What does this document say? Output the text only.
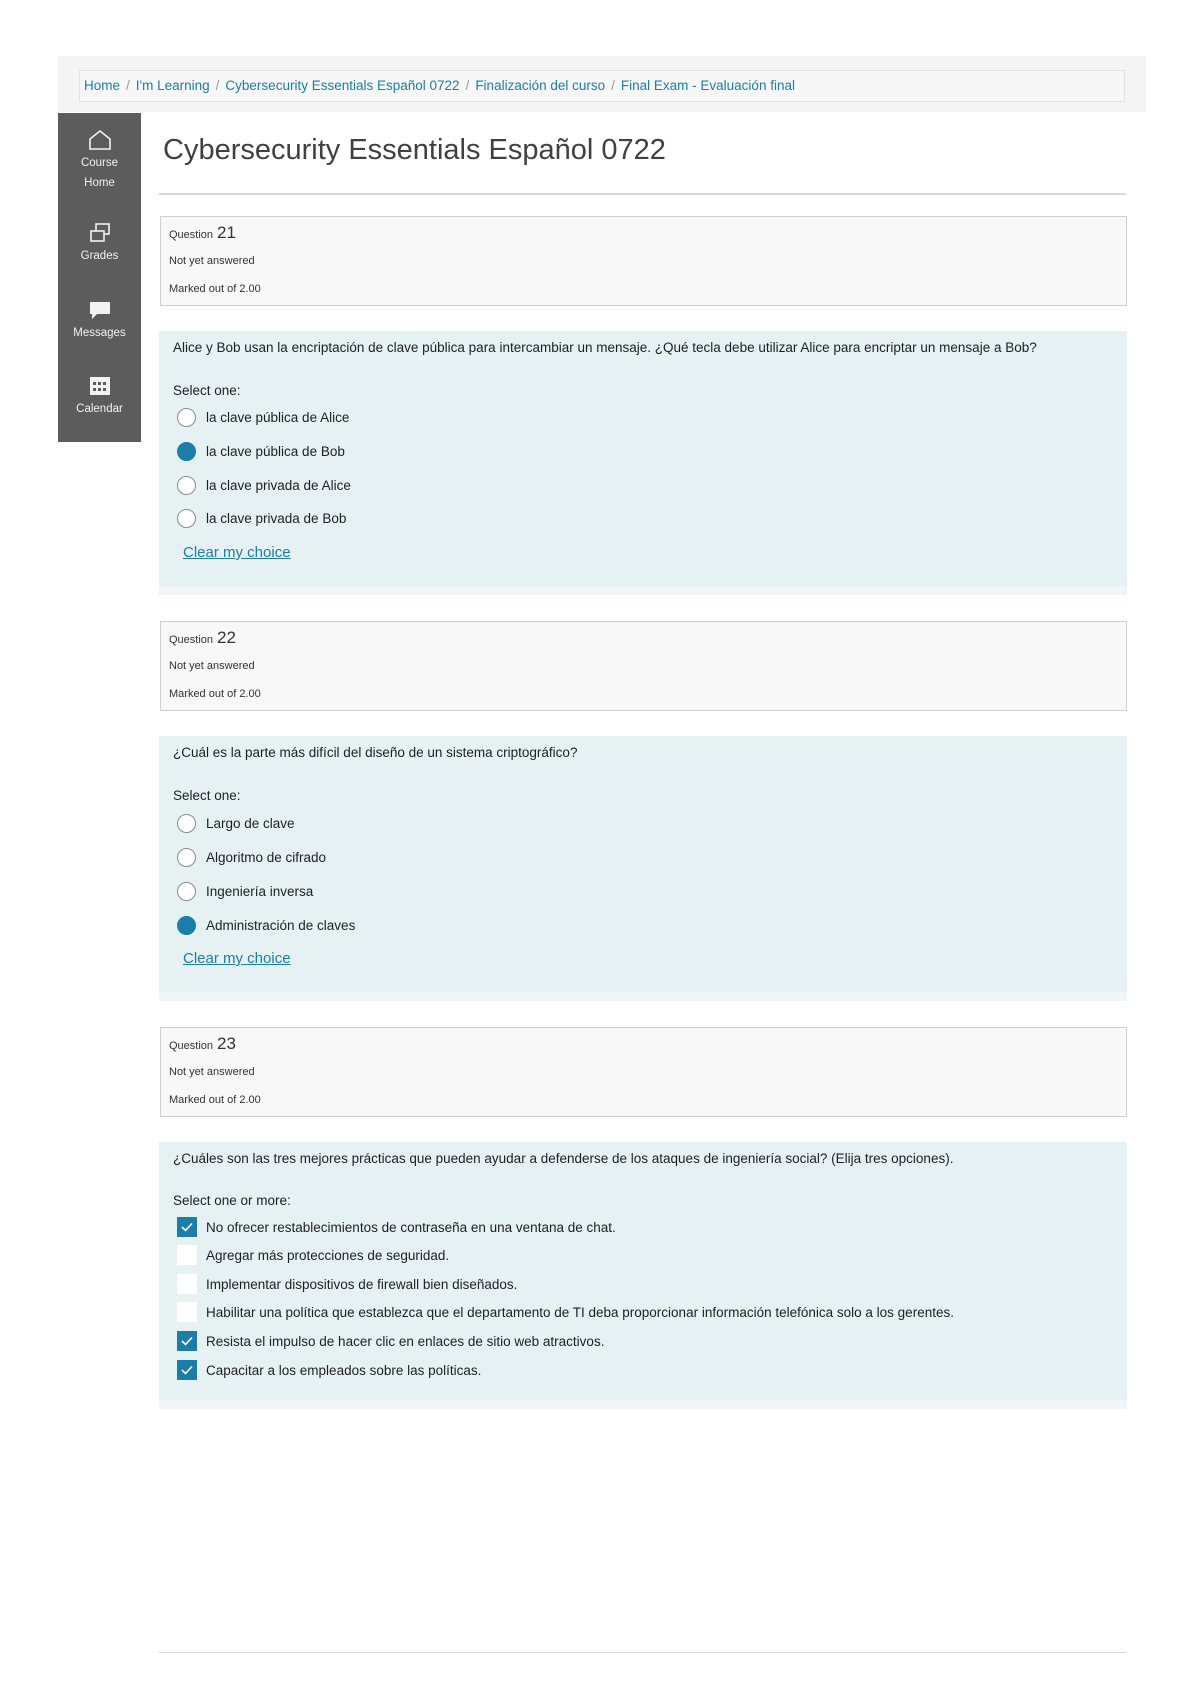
Home / I'm Learning / Cybersecurity Essentials Español 0722 / Finalización del curso / Final Exam - Evaluación final
Course
Home
Grades
Messages
Calendar
Cybersecurity Essentials Español 0722
Question 21
Not yet answered
Marked out of 2.00
Alice y Bob usan la encriptación de clave pública para intercambiar un mensaje. ¿Qué tecla debe utilizar Alice para encriptar un mensaje a Bob?
Select one:
la clave pública de Alice
la clave pública de Bob
la clave privada de Alice
la clave privada de Bob
Clear my choice
Question 22
Not yet answered
Marked out of 2.00
¿Cuál es la parte más difícil del diseño de un sistema criptográfico?
Select one:
Largo de clave
Algoritmo de cifrado
Ingeniería inversa
Administración de claves
Clear my choice
Question 23
Not yet answered
Marked out of 2.00
¿Cuáles son las tres mejores prácticas que pueden ayudar a defenderse de los ataques de ingeniería social? (Elija tres opciones).
Select one or more:
No ofrecer restablecimientos de contraseña en una ventana de chat.
Agregar más protecciones de seguridad.
Implementar dispositivos de firewall bien diseñados.
Habilitar una política que establezca que el departamento de TI deba proporcionar información telefónica solo a los gerentes.
Resista el impulso de hacer clic en enlaces de sitio web atractivos.
Capacitar a los empleados sobre las políticas.
